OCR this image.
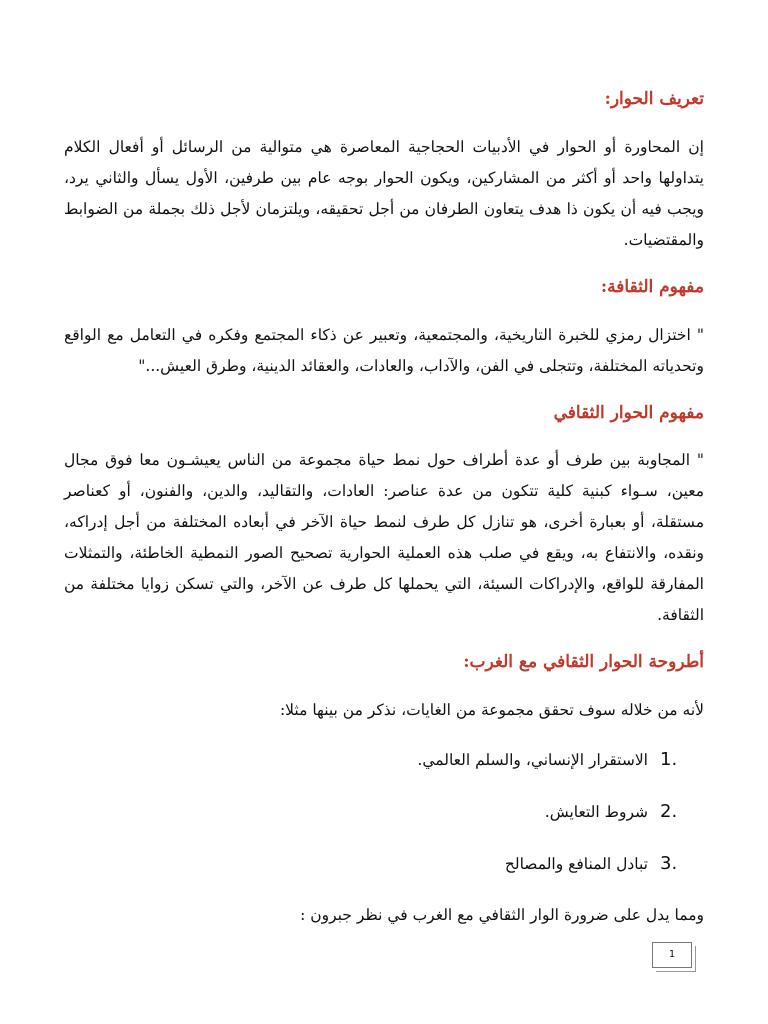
تعريف الحوار:

إن المحاورة أو الحوار في الأدبيات الحجاجية المعاصرة هي متوالية من الرسائل أو أفعال الكلام يتداولها واحد أو أكثر من المشاركين، ويكون الحوار بوجه عام بين طرفين، الأول يسأل والثاني يرد، ويجب فيه أن يكون ذا هدف يتعاون الطرفان من أجل تحقيقه، ويلتزمان لأجل ذلك بجملة من الضوابط والمقتضيات.

مفهوم الثقافة:

" اختزال رمزي للخبرة التاريخية، والمجتمعية، وتعبير عن ذكاء المجتمع وفكره في التعامل مع الواقع وتحدياته المختلفة، وتتجلى في الفن، والآداب، والعادات، والعقائد الدينية، وطرق العيش..."

مفهوم الحوار الثقافي

" المجاوبة بين طرف أو عدة أطراف حول نمط حياة مجموعة من الناس يعيشـون معا فوق مجال معين، سـواء كبنية كلية تتكون من عدة عناصر: العادات، والتقاليد، والدين، والفنون، أو كعناصر مستقلة، أو بعبارة أخرى، هو تنازل كل طرف لنمط حياة الآخر في أبعاده المختلفة من أجل إدراكه، ونقده، والانتفاع به، ويقع في صلب هذه العملية الحوارية تصحيح الصور النمطية الخاطئة، والتمثلات المفارقة للواقع، والإدراكات السيئة، التي يحملها كل طرف عن الآخر، والتي تسكن زوايا مختلفة من الثقافة.

أطروحة الحوار الثقافي مع الغرب:

لأنه من خلاله سوف تحقق مجموعة من الغايات، نذكر من بينها مثلا:

1.
الاستقرار الإنساني، والسلم العالمي.
2.
شروط التعايش.
3.
تبادل المنافع والمصالح

ومما يدل على ضرورة الوار الثقافي مع الغرب في نظر جبرون :

1
